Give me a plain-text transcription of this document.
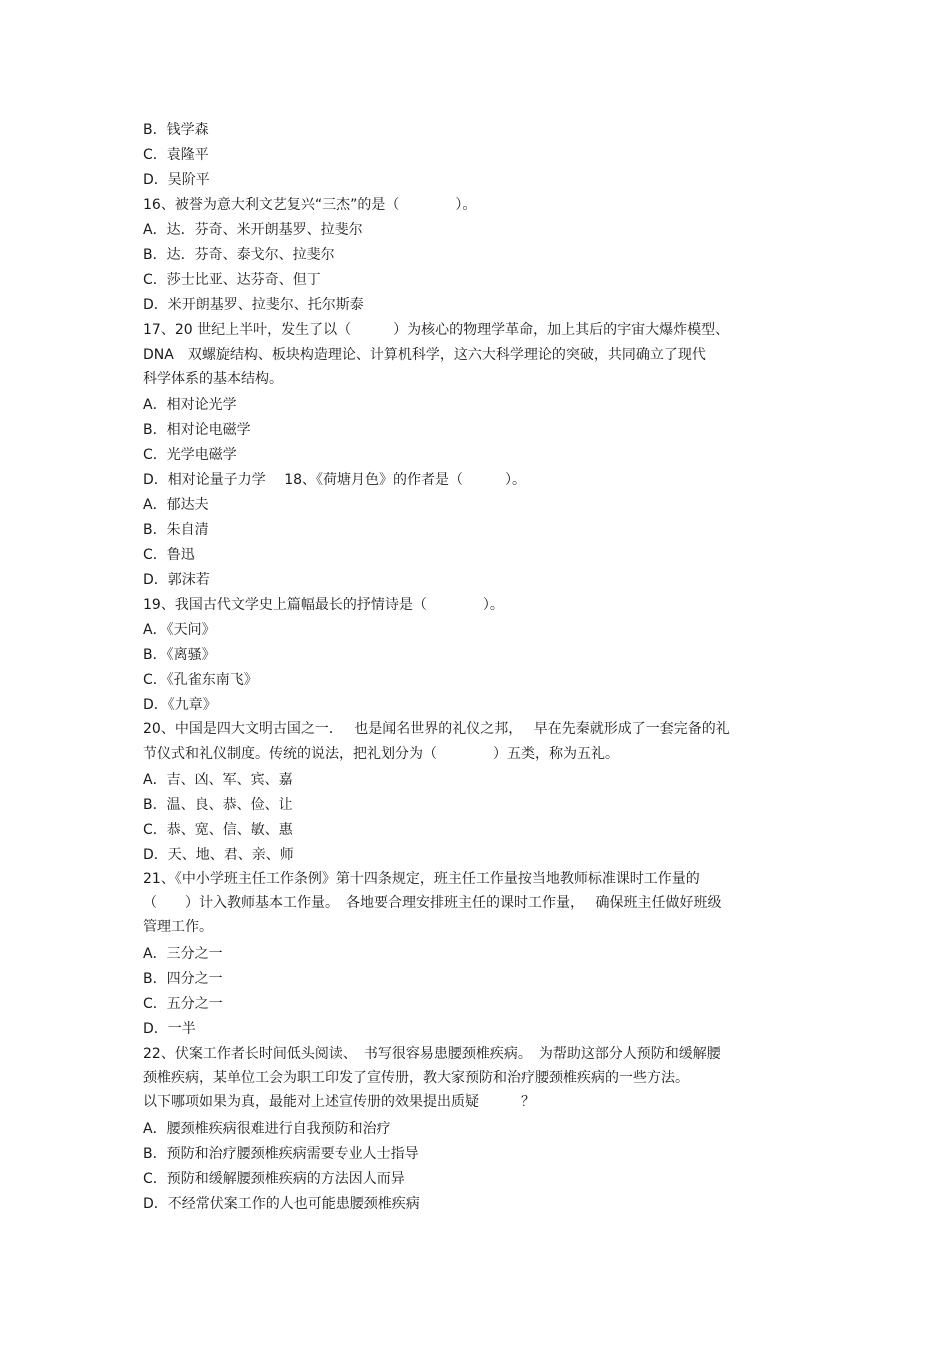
B．钱学森
C．袁隆平
D．吴阶平
16、被誉为意大利文艺复兴“三杰”的是（　　　　）。
A．达．芬奇、米开朗基罗、拉斐尔
B．达．芬奇、泰戈尔、拉斐尔
C．莎士比亚、达芬奇、但丁
D．米开朗基罗、拉斐尔、托尔斯泰
17、20 世纪上半叶，发生了以（　　　）为核心的物理学革命，加上其后的宇宙大爆炸模型、
DNA　双螺旋结构、板块构造理论、计算机科学，这六大科学理论的突破，共同确立了现代
科学体系的基本结构。
A．相对论光学
B．相对论电磁学
C．光学电磁学
D．相对论量子力学　 18、《荷塘月色》的作者是（　　　）。
A．郁达夫
B．朱自清
C．鲁迅
D．郭沫若
19、我国古代文学史上篇幅最长的抒情诗是（　　　　）。
A．《天问》
B．《离骚》
C．《孔雀东南飞》
D．《九章》
20、中国是四大文明古国之一．　 也是闻名世界的礼仪之邦，　 早在先秦就形成了一套完备的礼
节仪式和礼仪制度。传统的说法，把礼划分为（　　　　）五类，称为五礼。
A．吉、凶、军、宾、嘉
B．温、良、恭、俭、让
C．恭、宽、信、敏、惠
D．天、地、君、亲、师
21、《中小学班主任工作条例》第十四条规定，班主任工作量按当地教师标准课时工作量的
（　　）计入教师基本工作量。　各地要合理安排班主任的课时工作量，　 确保班主任做好班级
管理工作。
A．三分之一
B．四分之一
C．五分之一
D．一半
22、伏案工作者长时间低头阅读、　书写很容易患腰颈椎疾病。　为帮助这部分人预防和缓解腰
颈椎疾病，某单位工会为职工印发了宣传册，教大家预防和治疗腰颈椎疾病的一些方法。
以下哪项如果为真，最能对上述宣传册的效果提出质疑　　　？
A．腰颈椎疾病很难进行自我预防和治疗
B．预防和治疗腰颈椎疾病需要专业人士指导
C．预防和缓解腰颈椎疾病的方法因人而异
D．不经常伏案工作的人也可能患腰颈椎疾病
